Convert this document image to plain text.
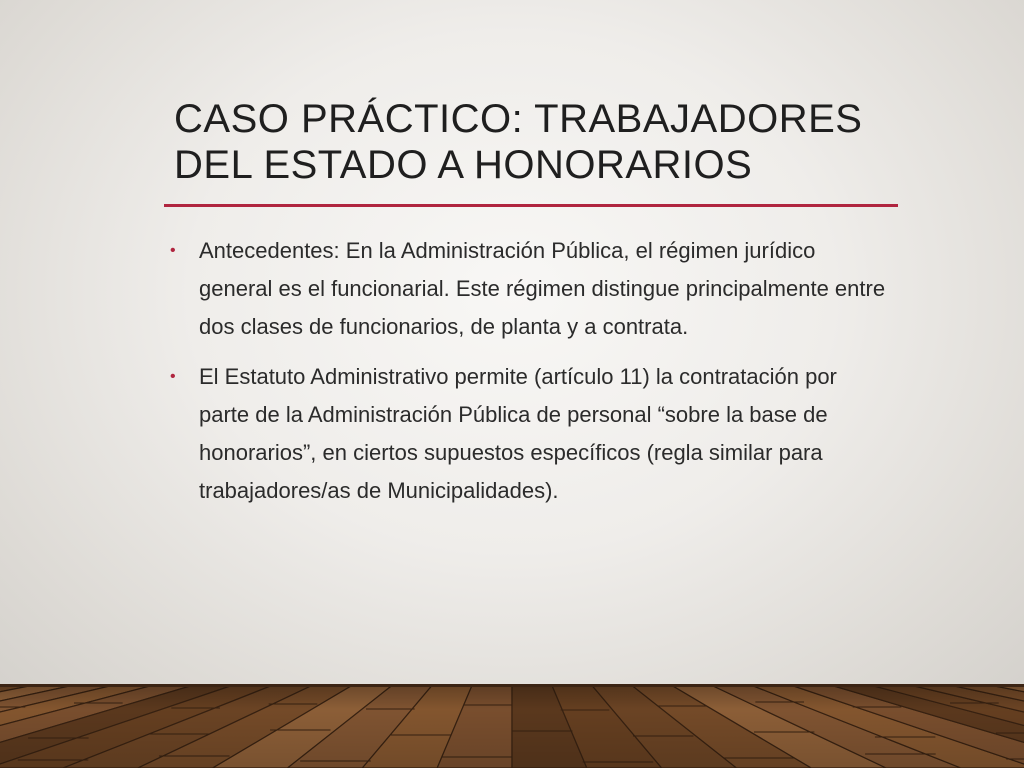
CASO PRÁCTICO: TRABAJADORES
DEL ESTADO A HONORARIOS
• Antecedentes: En la Administración Pública, el régimen jurídico general es el funcionarial. Este régimen distingue principalmente entre dos clases de funcionarios, de planta y a contrata.
• El Estatuto Administrativo permite (artículo 11) la contratación por parte de la Administración Pública de personal “sobre la base de honorarios”, en ciertos supuestos específicos (regla similar para trabajadores/as de Municipalidades).
